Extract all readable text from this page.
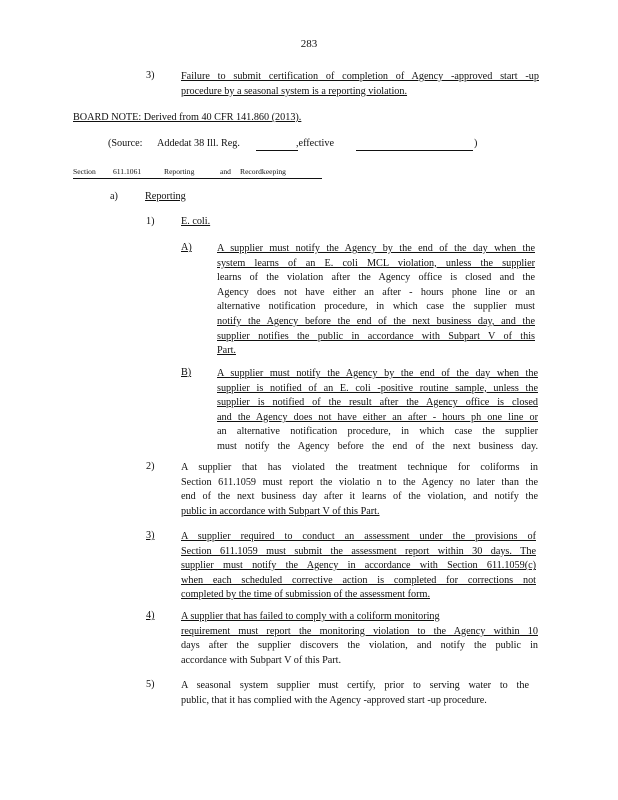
283
3)	Failure to submit certification of completion of Agency -approved start -up
procedure by a seasonal system is a reporting violation.
BOARD NOTE: Derived from 40 CFR 141.860 (2013).
(Source: Addedat 38 Ill. Reg.	,effective	)
Section 611.1061	Reporting	and Recordkeeping
a)	Reporting
1)	E. coli.
A) A supplier must notify the Agency by the end of the day when the
system learns of an E. coli MCL violation, unless the supplier
learns of the violation after the Agency office is closed and the
Agency does not have either an after - hours phone line or an
alternative notification procedure, in which case the supplier must
notify the Agency before the end of the next business day, and the
supplier notifies the public in accordance with Subpart V of this
Part.
B)	A supplier must notify the Agency by the end of the day when the
supplier is notified of an E. coli -positive routine sample, unless the
supplier is notified of the result after the Agency office is closed
and the Agency does not have either an after - hours ph one line or
an alternative notification procedure, in which case the supplier
must notify the Agency before the end of the next business day.
2)	A supplier that has violated the treatment technique for coliforms in
Section 611.1059 must report the violatio n to the Agency no later than the
end of the next business day after it learns of the violation, and notify the
public in accordance with Subpart V of this Part.
3)	A supplier required to conduct an assessment under the provisions of
Section 611.1059 must submit the assessment report within 30 days. The
supplier must notify the Agency in accordance with Section 611.1059(c)
when each scheduled corrective action is completed for corrections not
completed by the time of submission of the assessment form.
4)	A supplier that has failed to comply with a coliform monitoring
requirement must report the monitoring violation to the Agency within 10
days after the supplier discovers the violation, and notify the public in
accordance with Subpart V of this Part.
5)	A seasonal system supplier must certify, prior to serving water to the
public, that it has complied with the Agency -approved start -up procedure.
